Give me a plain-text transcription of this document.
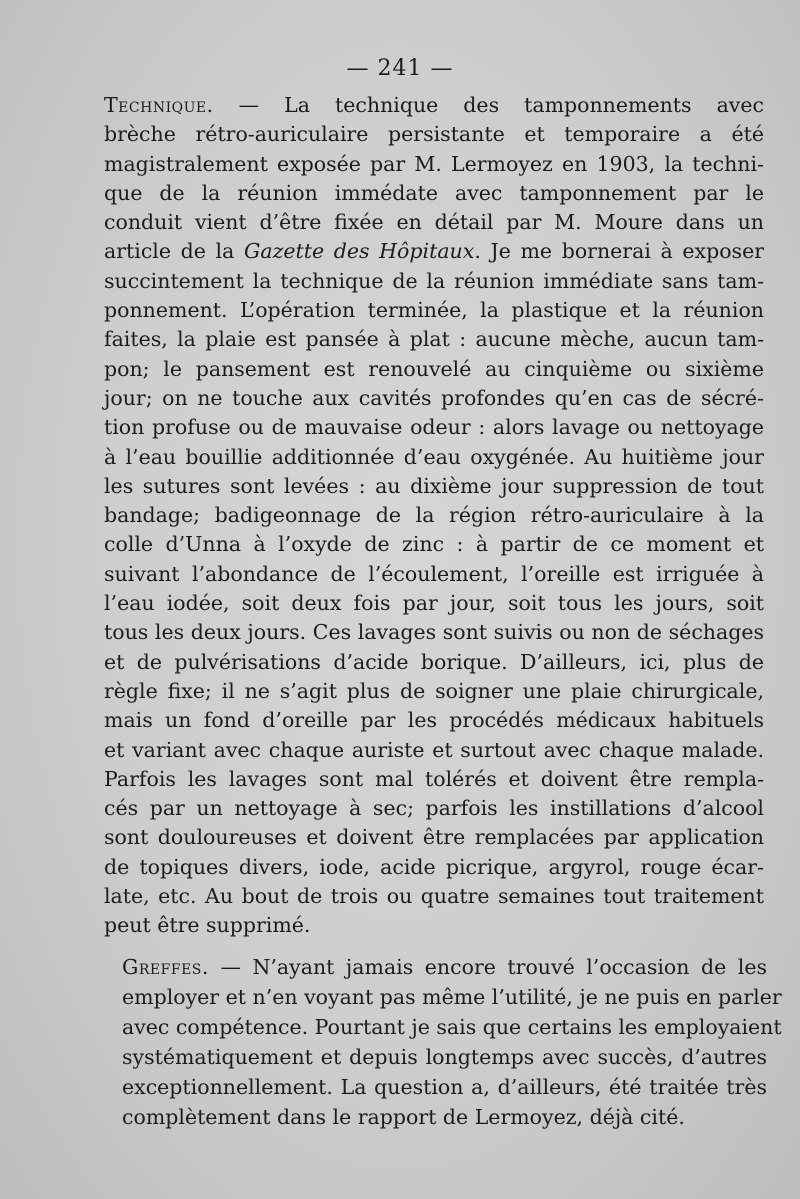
— 241 —
Technique. — La technique des tamponnements avec
brèche rétro-auriculaire persistante et temporaire a été
magistralement exposée par M. Lermoyez en 1903, la techni-
que de la réunion immédate avec tamponnement par le
conduit vient d’être fixée en détail par M. Moure dans un
article de la Gazette des Hôpitaux. Je me bornerai à exposer
succintement la technique de la réunion immédiate sans tam-
ponnement. L’opération terminée, la plastique et la réunion
faites, la plaie est pansée à plat : aucune mèche, aucun tam-
pon; le pansement est renouvelé au cinquième ou sixième
jour; on ne touche aux cavités profondes qu’en cas de sécré-
tion profuse ou de mauvaise odeur : alors lavage ou nettoyage
à l’eau bouillie additionnée d’eau oxygénée. Au huitième jour
les sutures sont levées : au dixième jour suppression de tout
bandage; badigeonnage de la région rétro-auriculaire à la
colle d’Unna à l’oxyde de zinc : à partir de ce moment et
suivant l’abondance de l’écoulement, l’oreille est irriguée à
l’eau iodée, soit deux fois par jour, soit tous les jours, soit
tous les deux jours. Ces lavages sont suivis ou non de séchages
et de pulvérisations d’acide borique. D’ailleurs, ici, plus de
règle fixe; il ne s’agit plus de soigner une plaie chirurgicale,
mais un fond d’oreille par les procédés médicaux habituels
et variant avec chaque auriste et surtout avec chaque malade.
Parfois les lavages sont mal tolérés et doivent être rempla-
cés par un nettoyage à sec; parfois les instillations d’alcool
sont douloureuses et doivent être remplacées par application
de topiques divers, iode, acide picrique, argyrol, rouge écar-
late, etc. Au bout de trois ou quatre semaines tout traitement
peut être supprimé.
Greffes. — N’ayant jamais encore trouvé l’occasion de les
employer et n’en voyant pas même l’utilité, je ne puis en parler
avec compétence. Pourtant je sais que certains les employaient
systématiquement et depuis longtemps avec succès, d’autres
exceptionnellement. La question a, d’ailleurs, été traitée très
complètement dans le rapport de Lermoyez, déjà cité.
